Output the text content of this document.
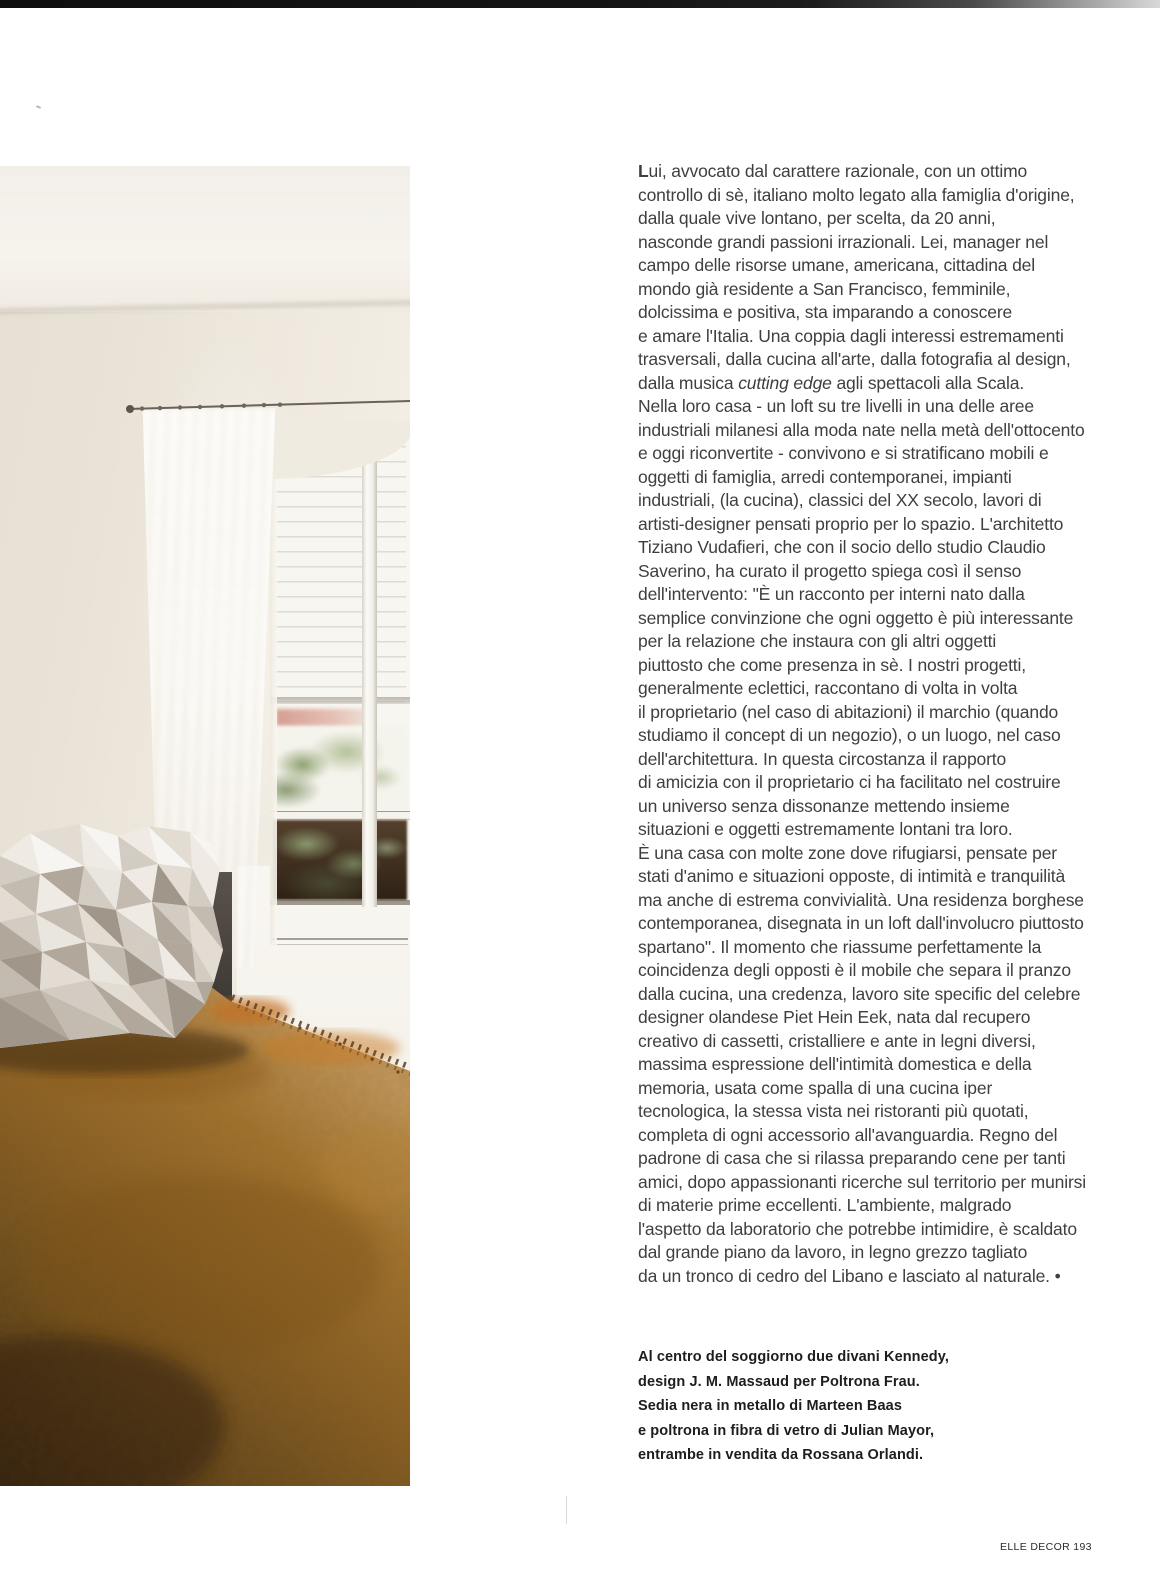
Lui, avvocato dal carattere razionale, con un ottimo
controllo di sè, italiano molto legato alla famiglia d'origine,
dalla quale vive lontano, per scelta, da 20 anni,
nasconde grandi passioni irrazionali. Lei, manager nel
campo delle risorse umane, americana, cittadina del
mondo già residente a San Francisco, femminile,
dolcissima e positiva, sta imparando a conoscere
e amare l'Italia. Una coppia dagli interessi estremamenti
trasversali, dalla cucina all'arte, dalla fotografia al design,
dalla musica cutting edge agli spettacoli alla Scala.
Nella loro casa - un loft su tre livelli in una delle aree
industriali milanesi alla moda nate nella metà dell'ottocento
e oggi riconvertite - convivono e si stratificano mobili e
oggetti di famiglia, arredi contemporanei, impianti
industriali, (la cucina), classici del XX secolo, lavori di
artisti-designer pensati proprio per lo spazio. L'architetto
Tiziano Vudafieri, che con il socio dello studio Claudio
Saverino, ha curato il progetto spiega così il senso
dell'intervento: "È un racconto per interni nato dalla
semplice convinzione che ogni oggetto è più interessante
per la relazione che instaura con gli altri oggetti
piuttosto che come presenza in sè. I nostri progetti,
generalmente eclettici, raccontano di volta in volta
il proprietario (nel caso di abitazioni) il marchio (quando
studiamo il concept di un negozio), o un luogo, nel caso
dell'architettura. In questa circostanza il rapporto
di amicizia con il proprietario ci ha facilitato nel costruire
un universo senza dissonanze mettendo insieme
situazioni e oggetti estremamente lontani tra loro.
È una casa con molte zone dove rifugiarsi, pensate per
stati d'animo e situazioni opposte, di intimità e tranquilità
ma anche di estrema convivialità. Una residenza borghese
contemporanea, disegnata in un loft dall'involucro piuttosto
spartano". Il momento che riassume perfettamente la
coincidenza degli opposti è il mobile che separa il pranzo
dalla cucina, una credenza, lavoro site specific del celebre
designer olandese Piet Hein Eek, nata dal recupero
creativo di cassetti, cristalliere e ante in legni diversi,
massima espressione dell'intimità domestica e della
memoria, usata come spalla di una cucina iper
tecnologica, la stessa vista nei ristoranti più quotati,
completa di ogni accessorio all'avanguardia. Regno del
padrone di casa che si rilassa preparando cene per tanti
amici, dopo appassionanti ricerche sul territorio per munirsi
di materie prime eccellenti. L'ambiente, malgrado
l'aspetto da laboratorio che potrebbe intimidire, è scaldato
dal grande piano da lavoro, in legno grezzo tagliato
da un tronco di cedro del Libano e lasciato al naturale. •
Al centro del soggiorno due divani Kennedy,
design J. M. Massaud per Poltrona Frau.
Sedia nera in metallo di Marteen Baas
e poltrona in fibra di vetro di Julian Mayor,
entrambe in vendita da Rossana Orlandi.
ELLE DECOR 193
